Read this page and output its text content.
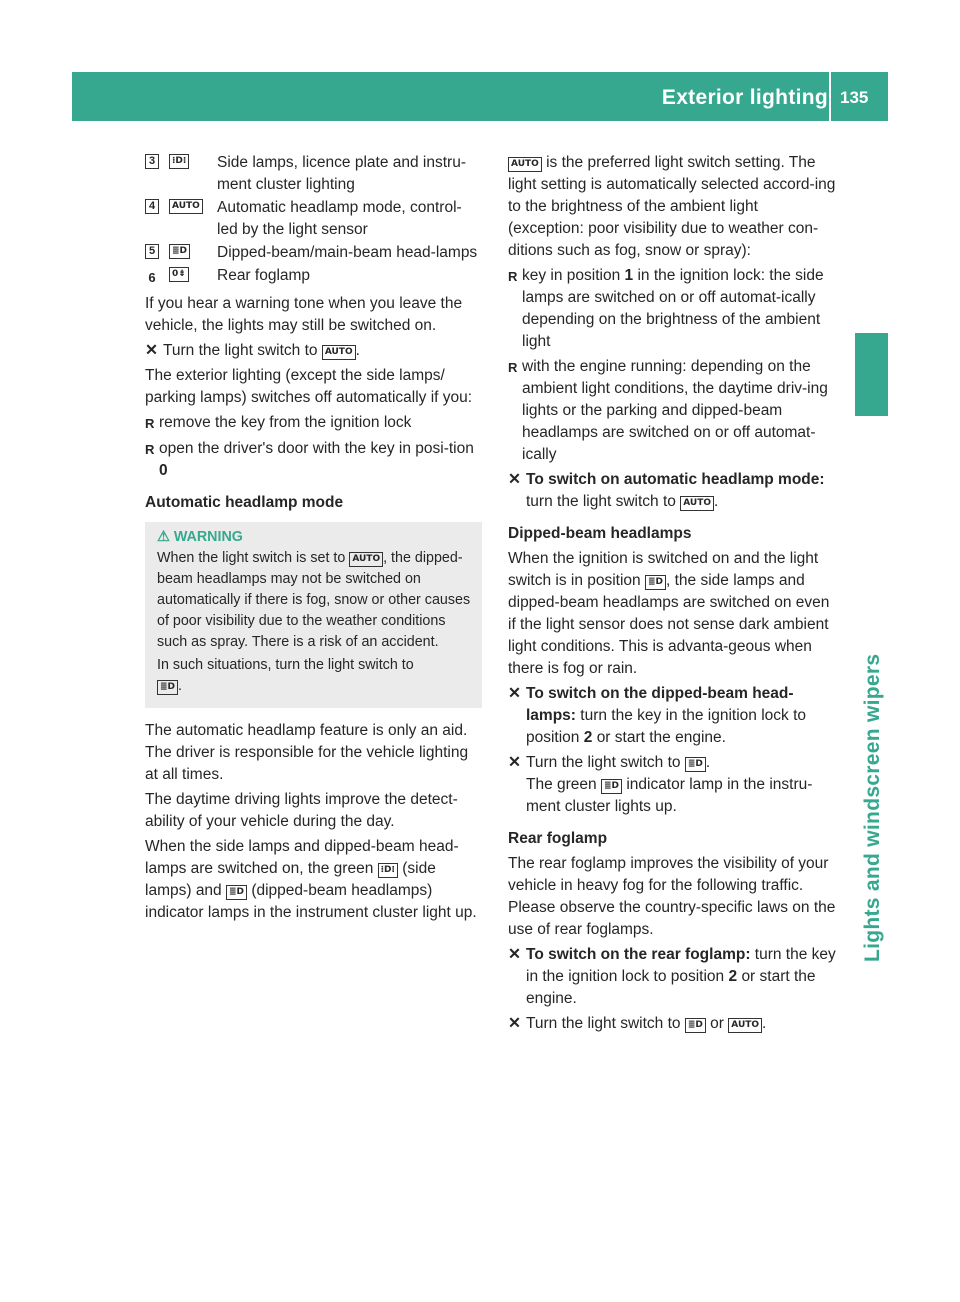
Exterior lighting 135
Lights and windscreen wipers
3	⁝D⁞ Side lamps, licence plate and instru-ment cluster lighting
4	AUTO Automatic headlamp mode, control-led by the light sensor
5	≣D Dipped-beam/main-beam head-lamps
6	0⇟ Rear foglamp

If you hear a warning tone when you leave the vehicle, the lights may still be switched on.

✕ Turn the light switch to AUTO .

The exterior lighting (except the side lamps/ parking lamps) switches off automatically if you:

R remove the key from the ignition lock
R open the driver's door with the key in posi-tion 0
Automatic headlamp mode
⚠ WARNING

When the light switch is set to AUTO , the dipped-beam headlamps may not be switched on automatically if there is fog, snow or other causes of poor visibility due to the weather conditions such as spray. There is a risk of an accident.

In such situations, turn the light switch to
≣D .

The automatic headlamp feature is only an aid. The driver is responsible for the vehicle lighting at all times.

The daytime driving lights improve the detect-ability of your vehicle during the day.

When the side lamps and dipped-beam head-lamps are switched on, the green ⁝D⁞ (side lamps) and ≣D (dipped-beam headlamps) indicator lamps in the instrument cluster light up.

AUTO is the preferred light switch setting. The light setting is automatically selected accord-ing to the brightness of the ambient light (exception: poor visibility due to weather con-ditions such as fog, snow or spray):

R key in position 1 in the ignition lock: the side lamps are switched on or off automat-ically depending on the brightness of the ambient light
R with the engine running: depending on the ambient light conditions, the daytime driv-ing lights or the parking and dipped-beam headlamps are switched on or off automat-ically
✕ To switch on automatic headlamp mode: turn the light switch to AUTO .
Dipped-beam headlamps

When the ignition is switched on and the light switch is in position ≣D , the side lamps and dipped-beam headlamps are switched on even if the light sensor does not sense dark ambient light conditions. This is advanta-geous when there is fog or rain.

✕ To switch on the dipped-beam head-lamps: turn the key in the ignition lock to position 2 or start the engine.
✕ Turn the light switch to ≣D .
The green ≣D indicator lamp in the instru-ment cluster lights up.
Rear foglamp

The rear foglamp improves the visibility of your vehicle in heavy fog for the following traffic. Please observe the country-specific laws on the use of rear foglamps.

✕ To switch on the rear foglamp: turn the key in the ignition lock to position 2 or start the engine.
✕ Turn the light switch to ≣D or AUTO .
